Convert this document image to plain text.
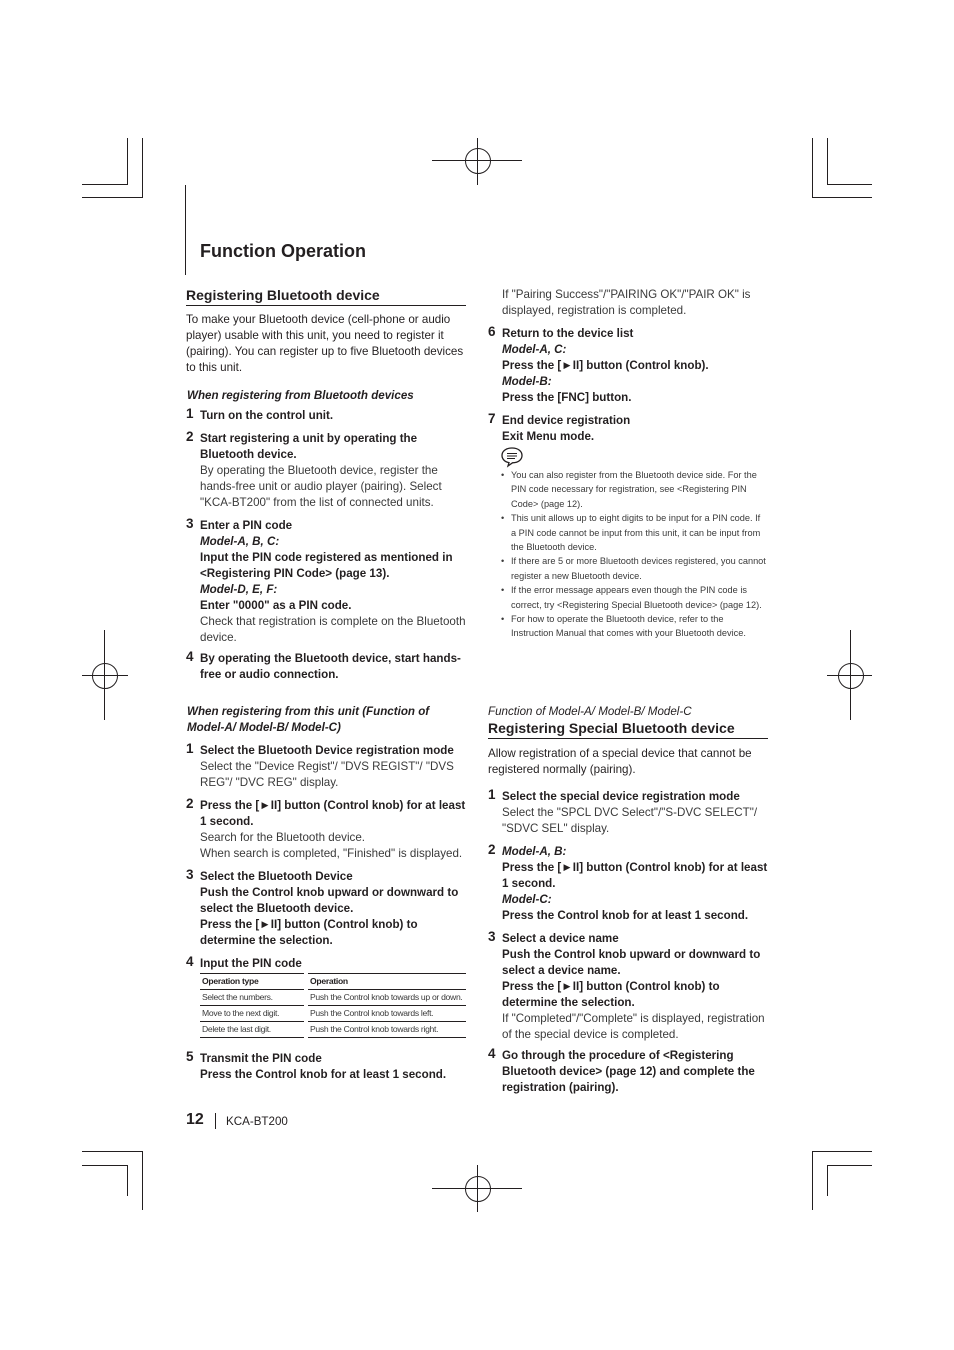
Function Operation
Registering Bluetooth device
To make your Bluetooth device (cell-phone or audio player) usable with this unit, you need to register it (pairing). You can register up to five Bluetooth devices to this unit.
When registering from Bluetooth devices
1 Turn on the control unit.
2 Start registering a unit by operating the Bluetooth device.
By operating the Bluetooth device, register the hands-free unit or audio player (pairing). Select "KCA-BT200" from the list of connected units.
3 Enter a PIN code
Model-A, B, C:
Input the PIN code registered as mentioned in <Registering PIN Code> (page 13).
Model-D, E, F:
Enter "0000" as a PIN code.
Check that registration is complete on the Bluetooth device.
4 By operating the Bluetooth device, start hands-free or audio connection.
When registering from this unit (Function of Model-A/ Model-B/ Model-C)
1 Select the Bluetooth Device registration mode
Select the "Device Regist"/ "DVS REGIST"/ "DVS REG"/ "DVC REG" display.
2 Press the [►II] button (Control knob) for at least 1 second.
Search for the Bluetooth device.
When search is completed, "Finished" is displayed.
3 Select the Bluetooth Device
Push the Control knob upward or downward to select the Bluetooth device.
Press the [►II] button (Control knob) to determine the selection.
4 Input the PIN code
Operation type		Operation
Select the numbers.		Push the Control knob towards up or down.
Move to the next digit.		Push the Control knob towards left.
Delete the last digit.		Push the Control knob towards right.
5 Transmit the PIN code
Press the Control knob for at least 1 second.
If "Pairing Success"/"PAIRING OK"/"PAIR OK" is displayed, registration is completed.
6 Return to the device list
Model-A, C:
Press the [►II] button (Control knob).
Model-B:
Press the [FNC] button.
7 End device registration
Exit Menu mode.
• You can also register from the Bluetooth device side. For the PIN code necessary for registration, see <Registering PIN Code> (page 12).
• This unit allows up to eight digits to be input for a PIN code. If a PIN code cannot be input from this unit, it can be input from the Bluetooth device.
• If there are 5 or more Bluetooth devices registered, you cannot register a new Bluetooth device.
• If the error message appears even though the PIN code is correct, try <Registering Special Bluetooth device> (page 12).
• For how to operate the Bluetooth device, refer to the Instruction Manual that comes with your Bluetooth device.
Function of Model-A/ Model-B/ Model-C
Registering Special Bluetooth device
Allow registration of a special device that cannot be registered normally (pairing).
1 Select the special device registration mode
Select the "SPCL DVC Select"/"S-DVC SELECT"/ "SDVC SEL" display.
2 Model-A, B:
Press the [►II] button (Control knob) for at least 1 second.
Model-C:
Press the Control knob for at least 1 second.
3 Select a device name
Push the Control knob upward or downward to select a device name.
Press the [►II] button (Control knob) to determine the selection.
If "Completed"/"Complete" is displayed, registration of the special device is completed.
4 Go through the procedure of <Registering Bluetooth device> (page 12) and complete the registration (pairing).
12 KCA-BT200
